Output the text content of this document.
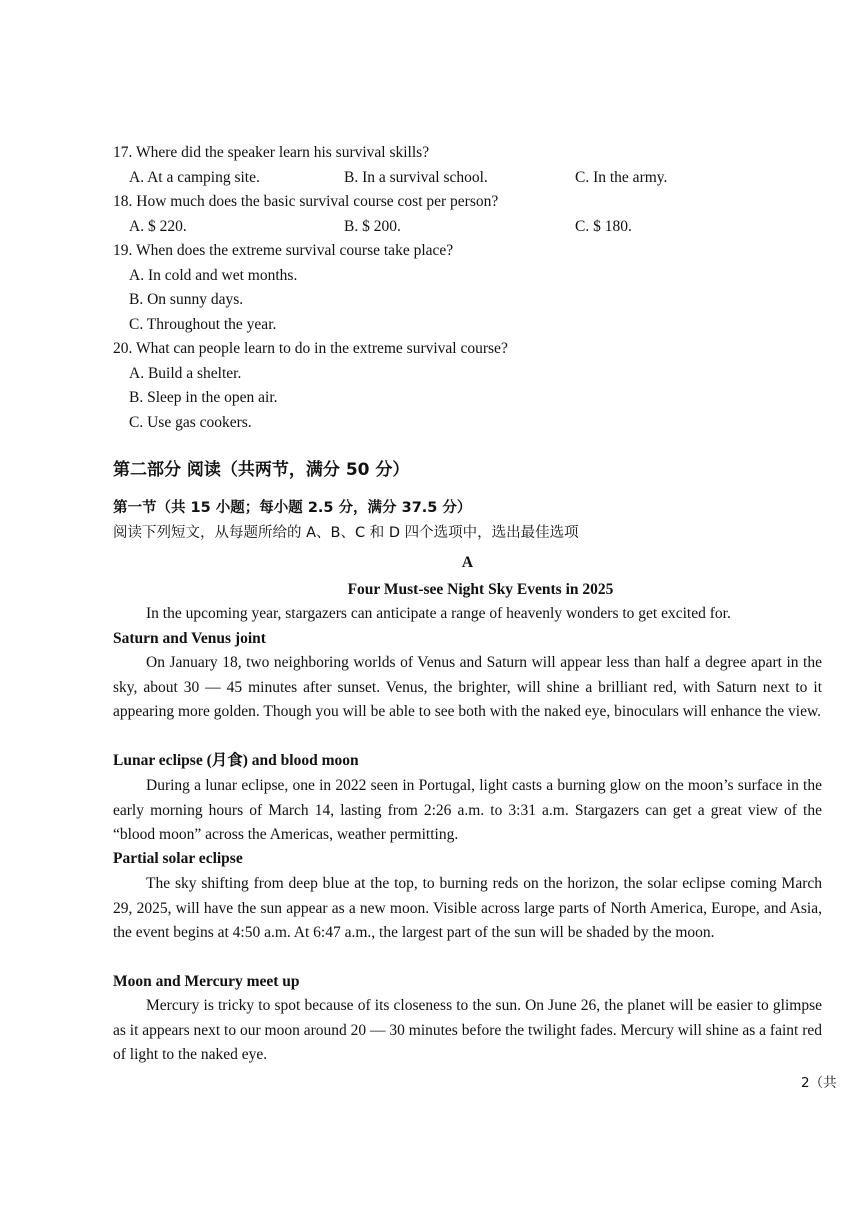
17. Where did the speaker learn his survival skills?
A. At a camping site.	B. In a survival school.	C. In the army.
18. How much does the basic survival course cost per person?
A. $ 220.	B. $ 200.	C. $ 180.
19. When does the extreme survival course take place?
A. In cold and wet months.
B. On sunny days.
C. Throughout the year.
20. What can people learn to do in the extreme survival course?
A. Build a shelter.
B. Sleep in the open air.
C. Use gas cookers.
第二部分 阅读（共两节，满分 50 分）
第一节（共 15 小题；每小题 2.5 分，满分 37.5 分）
阅读下列短文，从每题所给的 A、B、C 和 D 四个选项中，选出最佳选项
A
Four Must-see Night Sky Events in 2025
In the upcoming year, stargazers can anticipate a range of heavenly wonders to get excited for.
Saturn and Venus joint
On January 18, two neighboring worlds of Venus and Saturn will appear less than half a degree apart in the sky, about 30 — 45 minutes after sunset. Venus, the brighter, will shine a brilliant red, with Saturn next to it appearing more golden. Though you will be able to see both with the naked eye, binoculars will enhance the view.
Lunar eclipse (月食) and blood moon
During a lunar eclipse, one in 2022 seen in Portugal, light casts a burning glow on the moon’s surface in the early morning hours of March 14, lasting from 2:26 a.m. to 3:31 a.m. Stargazers can get a great view of the “blood moon” across the Americas, weather permitting.
Partial solar eclipse
The sky shifting from deep blue at the top, to burning reds on the horizon, the solar eclipse coming March 29, 2025, will have the sun appear as a new moon. Visible across large parts of North America, Europe, and Asia, the event begins at 4:50 a.m. At 6:47 a.m., the largest part of the sun will be shaded by the moon.
Moon and Mercury meet up
Mercury is tricky to spot because of its closeness to the sun. On June 26, the planet will be easier to glimpse as it appears next to our moon around 20 — 30 minutes before the twilight fades. Mercury will shine as a faint red of light to the naked eye.
2（共
